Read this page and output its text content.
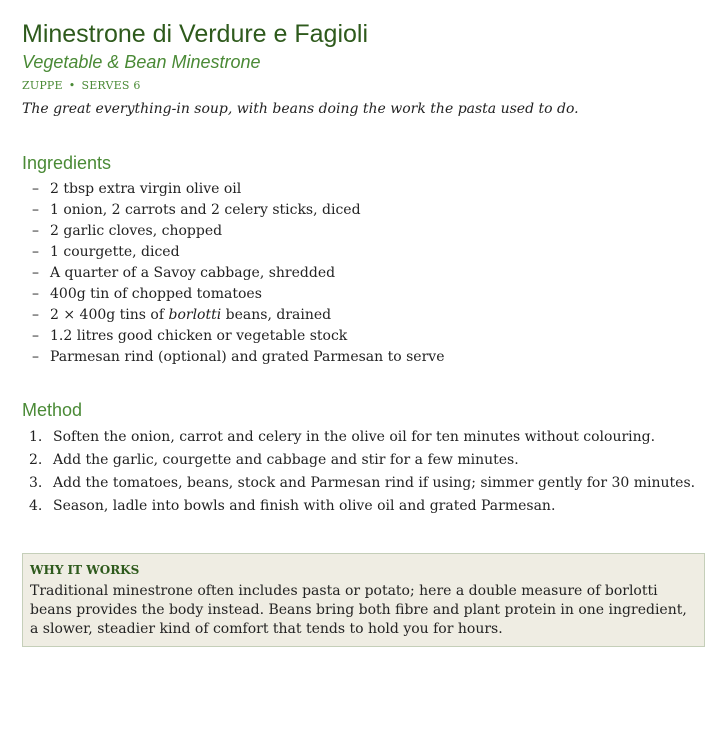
Minestrone di Verdure e Fagioli
Vegetable & Bean Minestrone
ZUPPE • SERVES 6
The great everything-in soup, with beans doing the work the pasta used to do.
Ingredients
– 2 tbsp extra virgin olive oil
– 1 onion, 2 carrots and 2 celery sticks, diced
– 2 garlic cloves, chopped
– 1 courgette, diced
– A quarter of a Savoy cabbage, shredded
– 400g tin of chopped tomatoes
– 2 × 400g tins of borlotti beans, drained
– 1.2 litres good chicken or vegetable stock
– Parmesan rind (optional) and grated Parmesan to serve
Method
1. Soften the onion, carrot and celery in the olive oil for ten minutes without colouring.
2. Add the garlic, courgette and cabbage and stir for a few minutes.
3. Add the tomatoes, beans, stock and Parmesan rind if using; simmer gently for 30 minutes.
4. Season, ladle into bowls and finish with olive oil and grated Parmesan.
WHY IT WORKS
Traditional minestrone often includes pasta or potato; here a double measure of borlotti beans provides the body instead. Beans bring both fibre and plant protein in one ingredient, a slower, steadier kind of comfort that tends to hold you for hours.
